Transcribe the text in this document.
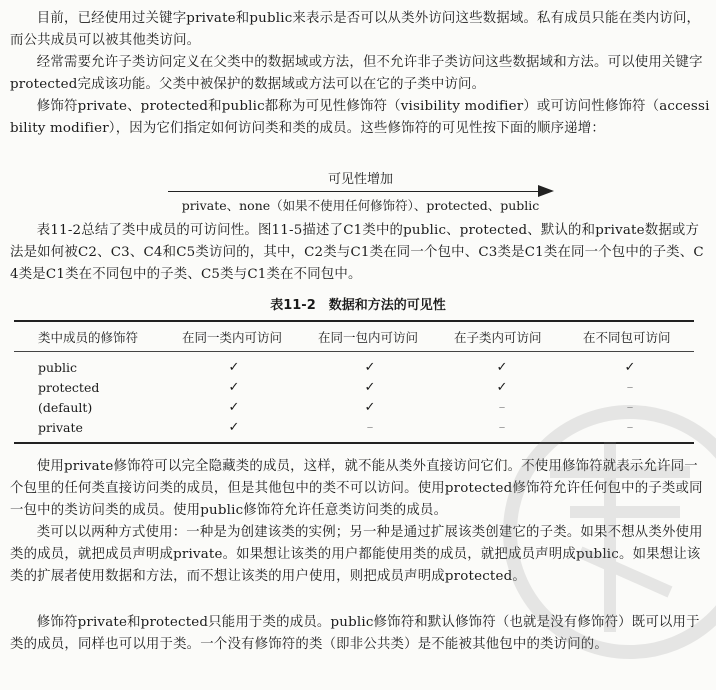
目前，已经使用过关键字private和public来表示是否可以从类外访问这些数据域。私有成员只能在类内访问，而公共成员可以被其他类访问。

经常需要允许子类访问定义在父类中的数据域或方法，但不允许非子类访问这些数据域和方法。可以使用关键字protected完成该功能。父类中被保护的数据域或方法可以在它的子类中访问。

修饰符private、protected和public都称为可见性修饰符（visibility modifier）或可访问性修饰符（accessibility modifier），因为它们指定如何访问类和类的成员。这些修饰符的可见性按下面的顺序递增：

可见性增加
private、none（如果不使用任何修饰符）、protected、public

表11-2总结了类中成员的可访问性。图11-5描述了C1类中的public、protected、默认的和private数据或方法是如何被C2、C3、C4和C5类访问的，其中，C2类与C1类在同一个包中、C3类是C1类在同一个包中的子类、C4类是C1类在不同包中的子类、C5类与C1类在不同包中。

表11-2　数据和方法的可见性
类中成员的修饰符	在同一类内可访问	在同一包内可访问	在子类内可访问	在不同包可访问
public	✓	✓	✓	✓
protected	✓	✓	✓	–
(default)	✓	✓	–	–
private	✓	–	–	–

使用private修饰符可以完全隐藏类的成员，这样，就不能从类外直接访问它们。不使用修饰符就表示允许同一个包里的任何类直接访问类的成员，但是其他包中的类不可以访问。使用protected修饰符允许任何包中的子类或同一包中的类访问类的成员。使用public修饰符允许任意类访问类的成员。

类可以以两种方式使用：一种是为创建该类的实例；另一种是通过扩展该类创建它的子类。如果不想从类外使用类的成员，就把成员声明成private。如果想让该类的用户都能使用类的成员，就把成员声明成public。如果想让该类的扩展者使用数据和方法，而不想让该类的用户使用，则把成员声明成protected。

修饰符private和protected只能用于类的成员。public修饰符和默认修饰符（也就是没有修饰符）既可以用于类的成员，同样也可以用于类。一个没有修饰符的类（即非公共类）是不能被其他包中的类访问的。
